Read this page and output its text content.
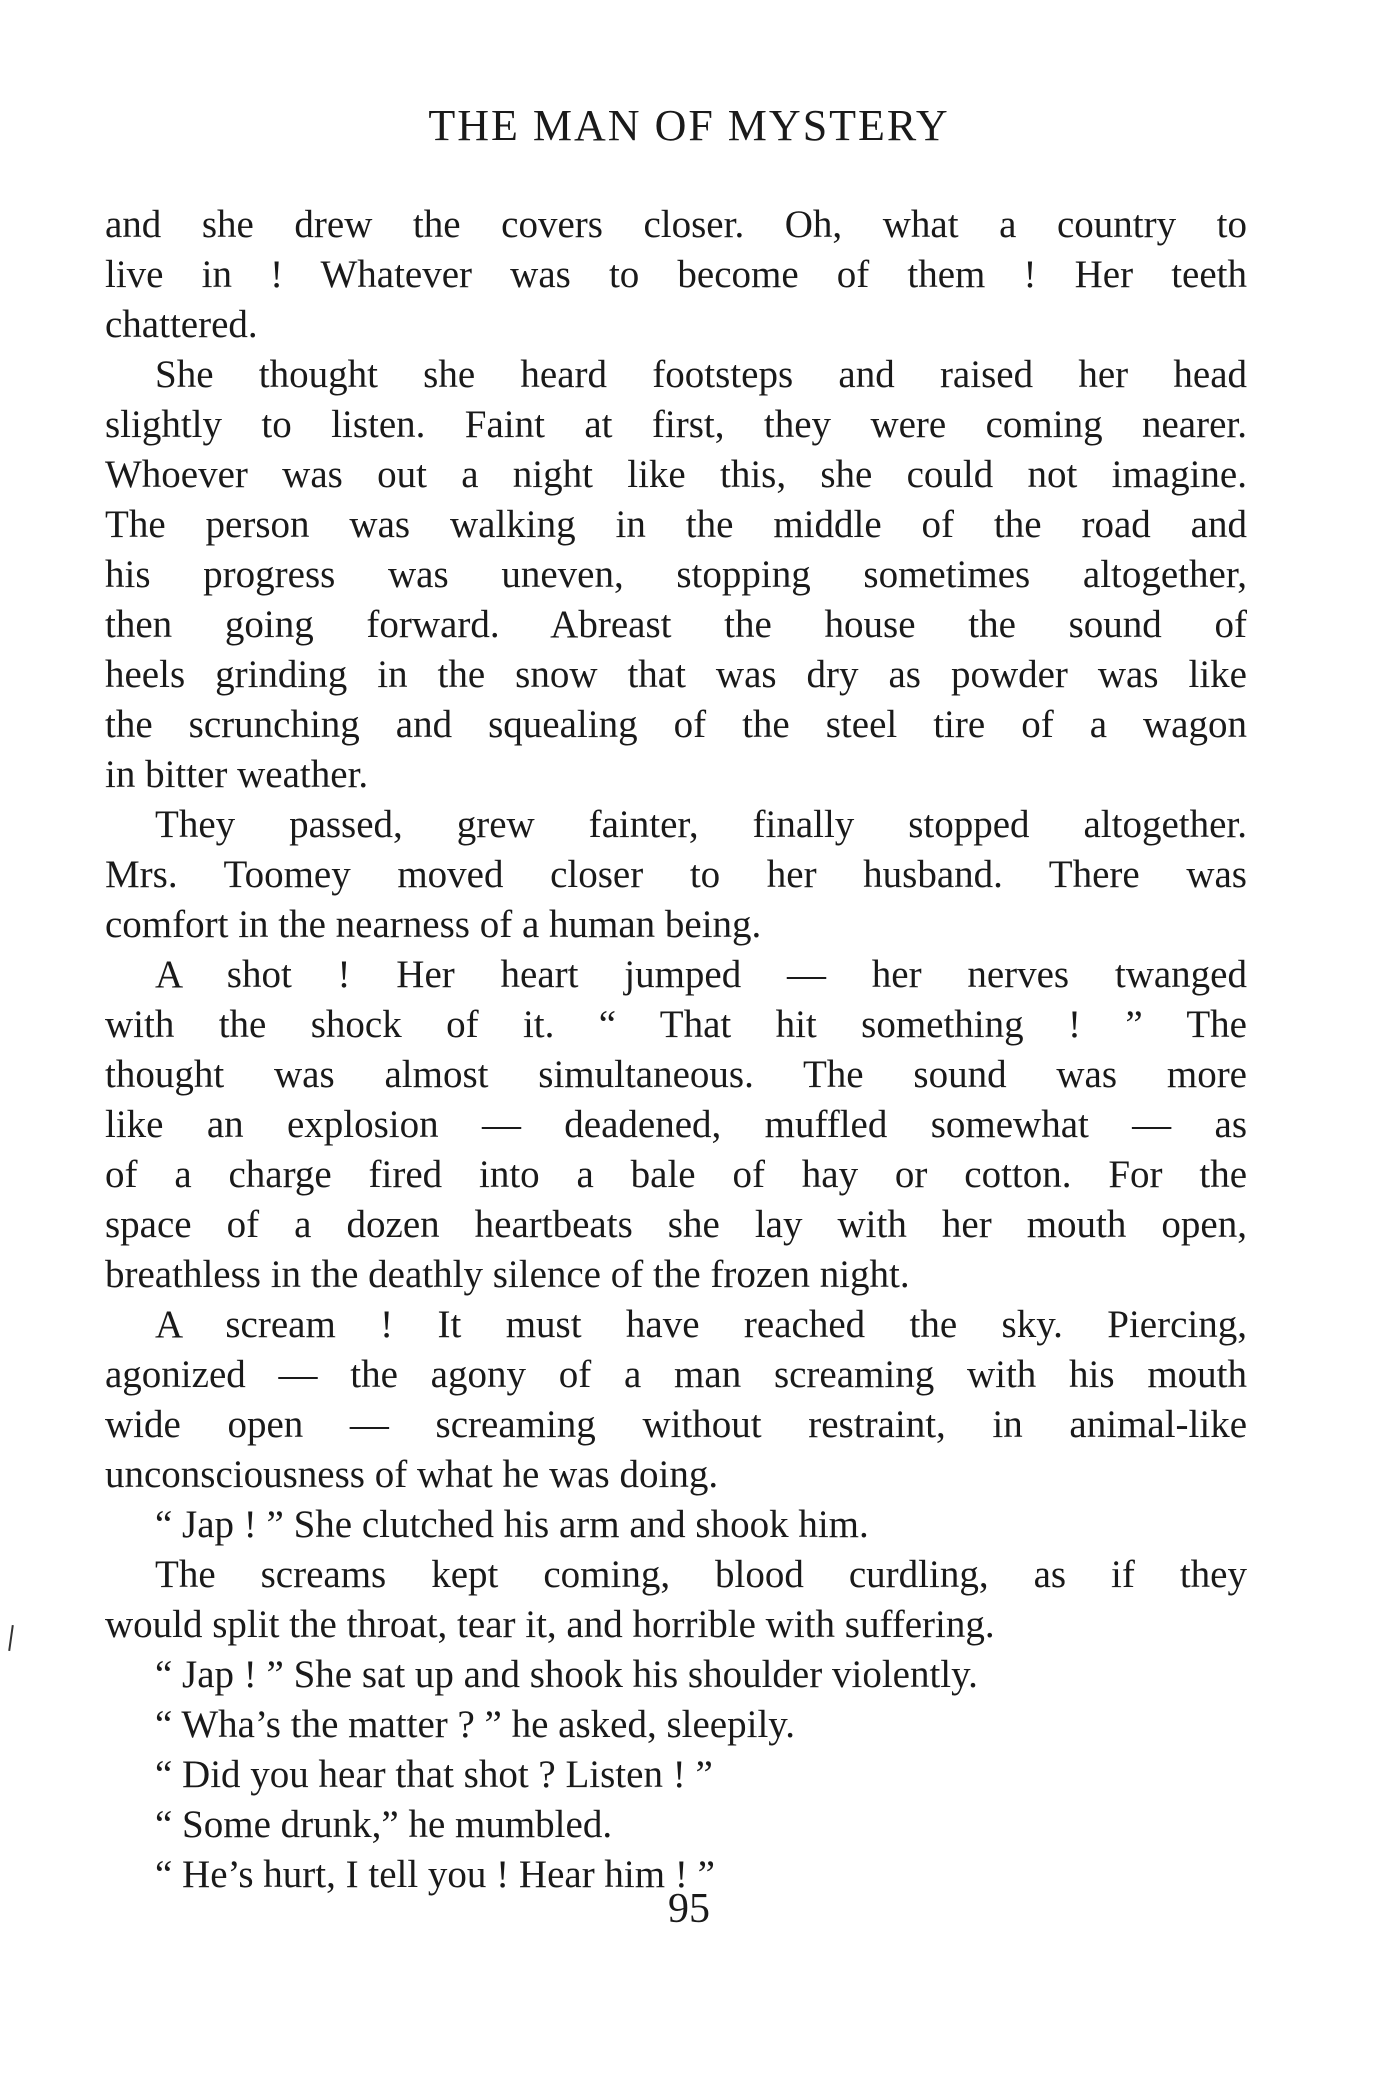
THE MAN OF MYSTERY
and she drew the covers closer. Oh, what a country to
live in ! Whatever was to become of them ! Her teeth
chattered.
She thought she heard footsteps and raised her head
slightly to listen. Faint at first, they were coming nearer.
Whoever was out a night like this, she could not imagine.
The person was walking in the middle of the road and
his progress was uneven, stopping sometimes altogether,
then going forward. Abreast the house the sound of
heels grinding in the snow that was dry as powder was like
the scrunching and squealing of the steel tire of a wagon
in bitter weather.
They passed, grew fainter, finally stopped altogether.
Mrs. Toomey moved closer to her husband. There was
comfort in the nearness of a human being.
A shot ! Her heart jumped — her nerves twanged
with the shock of it. “ That hit something ! ” The
thought was almost simultaneous. The sound was more
like an explosion — deadened, muffled somewhat — as
of a charge fired into a bale of hay or cotton. For the
space of a dozen heartbeats she lay with her mouth open,
breathless in the deathly silence of the frozen night.
A scream ! It must have reached the sky. Piercing,
agonized — the agony of a man screaming with his mouth
wide open — screaming without restraint, in animal-like
unconsciousness of what he was doing.
“ Jap ! ” She clutched his arm and shook him.
The screams kept coming, blood curdling, as if they
would split the throat, tear it, and horrible with suffering.
“ Jap ! ” She sat up and shook his shoulder violently.
“ Wha’s the matter ? ” he asked, sleepily.
“ Did you hear that shot ? Listen ! ”
“ Some drunk,” he mumbled.
“ He’s hurt, I tell you ! Hear him ! ”
95
